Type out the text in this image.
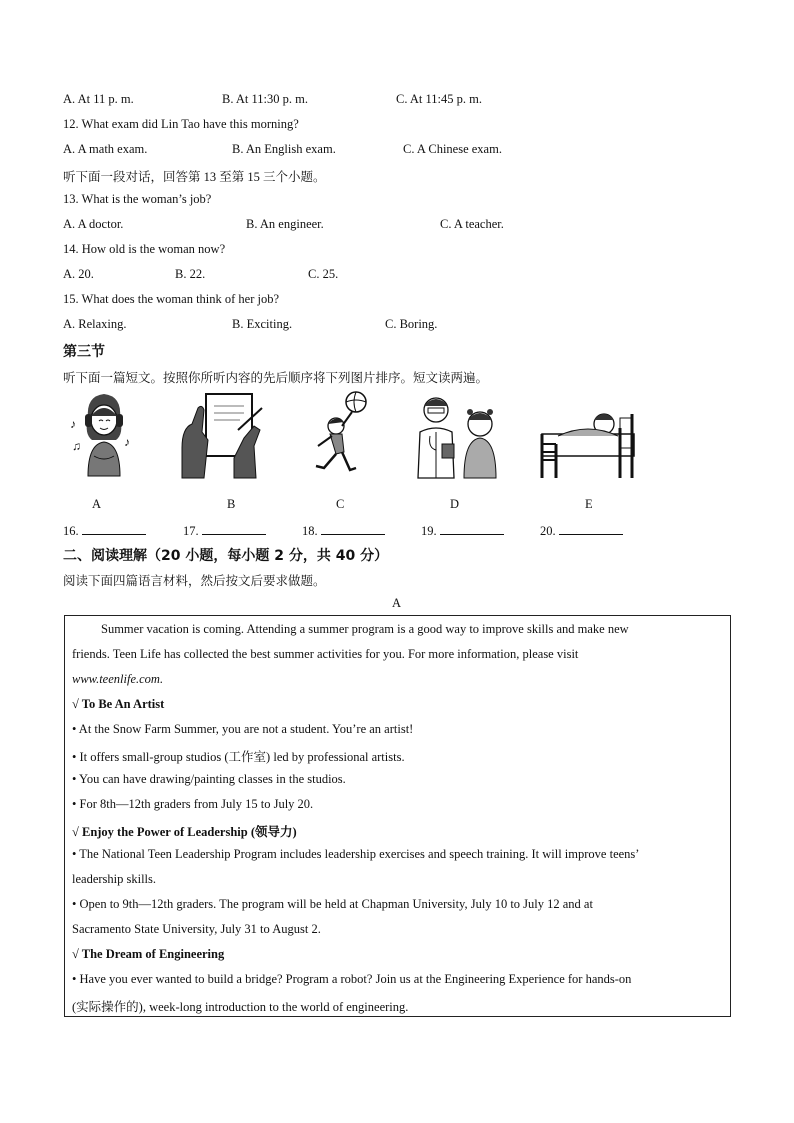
A. At 11 p. m.	B. At 11:30 p. m.	C. At 11:45 p. m.
12. What exam did Lin Tao have this morning?
A. A math exam.	B. An English exam.	C. A Chinese exam.
听下面一段对话，回答第 13 至第 15 三个小题。
13. What is the woman’s job?
A. A doctor.	B. An engineer.	C. A teacher.
14. How old is the woman now?
A. 20.	B. 22.	C. 25.
15. What does the woman think of her job?
A. Relaxing.	B. Exciting.	C. Boring.
第三节
听下面一篇短文。按照你所听内容的先后顺序将下列图片排序。短文读两遍。
♪
♫	♪
A	B	C	D	E
16.	17.	18.	19.	20.
二、阅读理解（20 小题，每小题 2 分，共 40 分）
阅读下面四篇语言材料，然后按文后要求做题。
A
Summer vacation is coming. Attending a summer program is a good way to improve skills and make new
friends. Teen Life has collected the best summer activities for you. For more information, please visit
www.teenlife.com.
√ To Be An Artist
• At the Snow Farm Summer, you are not a student. You’re an artist!
• It offers small-group studios (工作室) led by professional artists.
• You can have drawing/painting classes in the studios.
• For 8th—12th graders from July 15 to July 20.
√ Enjoy the Power of Leadership (领导力)
• The National Teen Leadership Program includes leadership exercises and speech training. It will improve teens’
leadership skills.
• Open to 9th—12th graders. The program will be held at Chapman University, July 10 to July 12 and at
Sacramento State University, July 31 to August 2.
√ The Dream of Engineering
• Have you ever wanted to build a bridge? Program a robot? Join us at the Engineering Experience for hands-on
(实际操作的), week-long introduction to the world of engineering.
